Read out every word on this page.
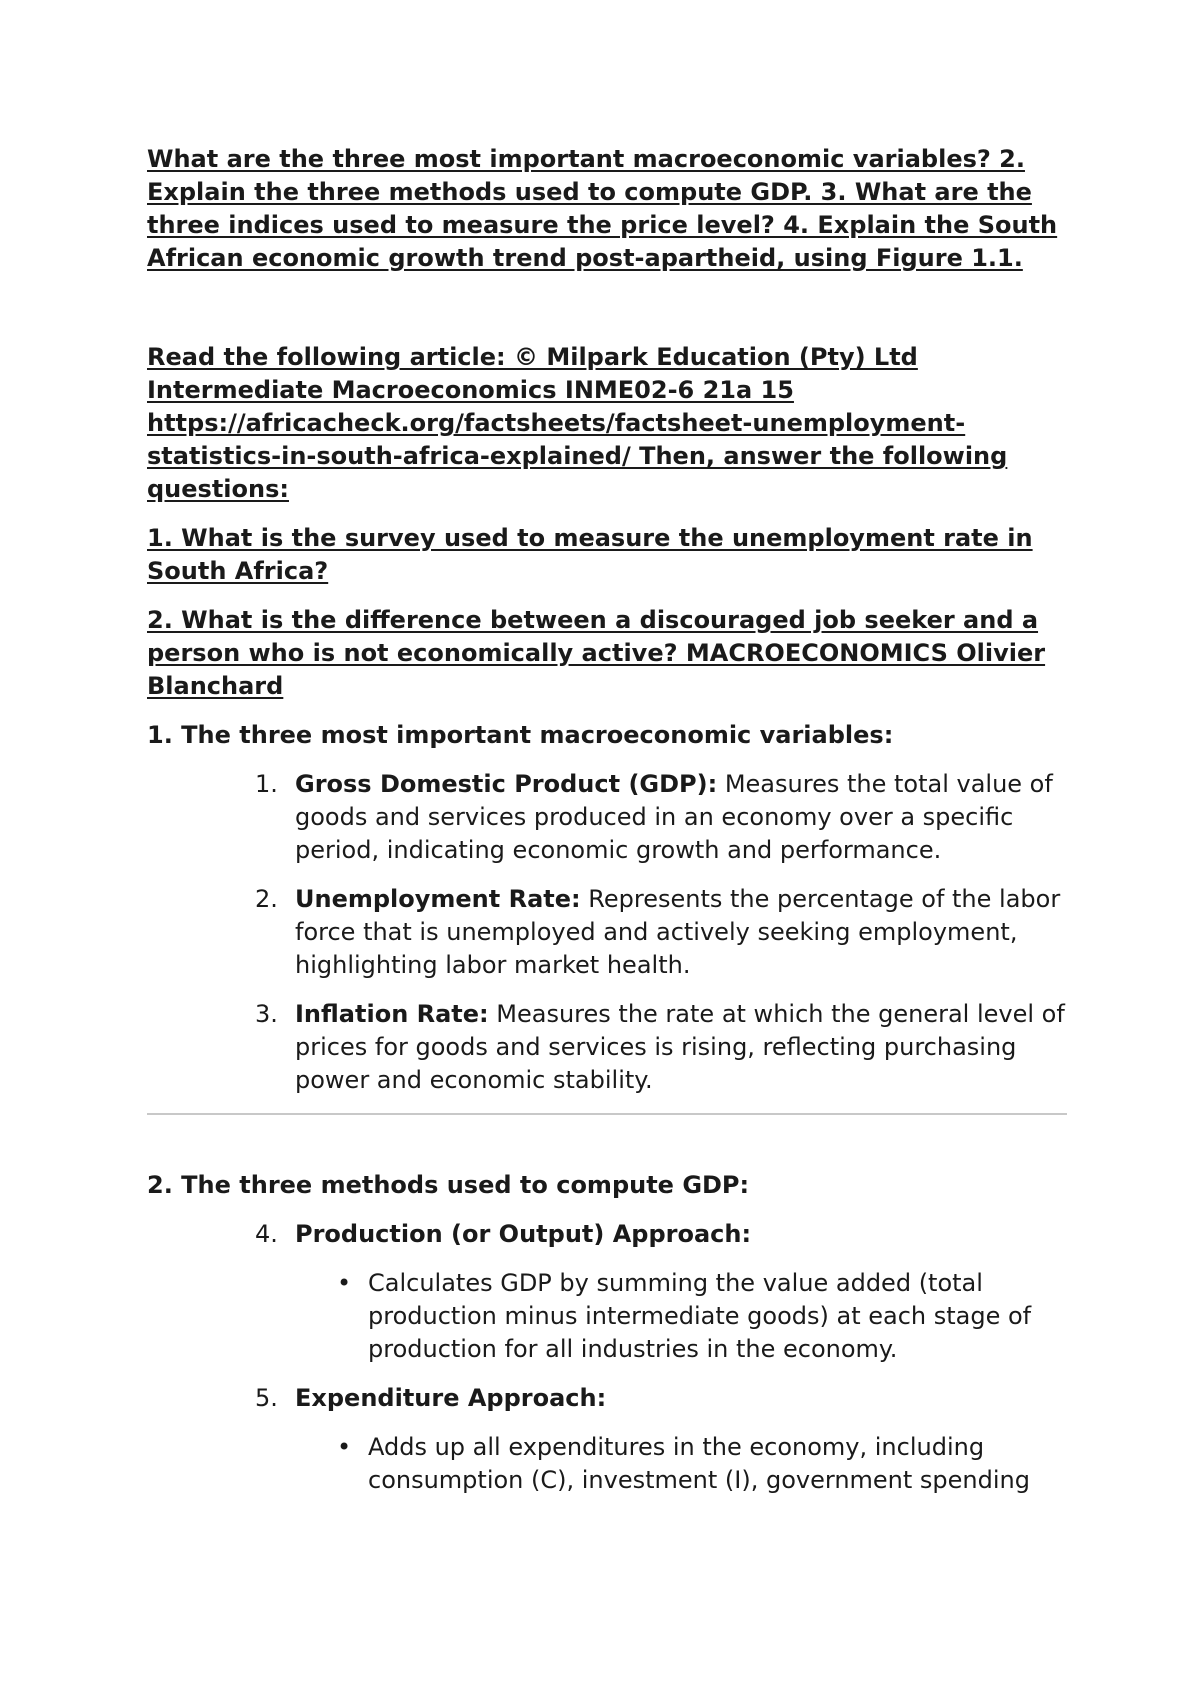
What are the three most important macroeconomic variables? 2. Explain the three methods used to compute GDP. 3. What are the three indices used to measure the price level? 4. Explain the South African economic growth trend post-apartheid, using Figure 1.1.

Read the following article: © Milpark Education (Pty) Ltd Intermediate Macroeconomics INME02-6 21a 15 https://africacheck.org/factsheets/factsheet-unemployment-statistics-in-south-africa-explained/ Then, answer the following questions:

1. What is the survey used to measure the unemployment rate in South Africa?

2. What is the difference between a discouraged job seeker and a person who is not economically active? MACROECONOMICS Olivier Blanchard

1. The three most important macroeconomic variables:

1. Gross Domestic Product (GDP): Measures the total value of goods and services produced in an economy over a specific period, indicating economic growth and performance.
2. Unemployment Rate: Represents the percentage of the labor force that is unemployed and actively seeking employment, highlighting labor market health.
3. Inflation Rate: Measures the rate at which the general level of prices for goods and services is rising, reflecting purchasing power and economic stability.

2. The three methods used to compute GDP:

4. Production (or Output) Approach:
• Calculates GDP by summing the value added (total production minus intermediate goods) at each stage of production for all industries in the economy.
5. Expenditure Approach:
• Adds up all expenditures in the economy, including consumption (C), investment (I), government spending
